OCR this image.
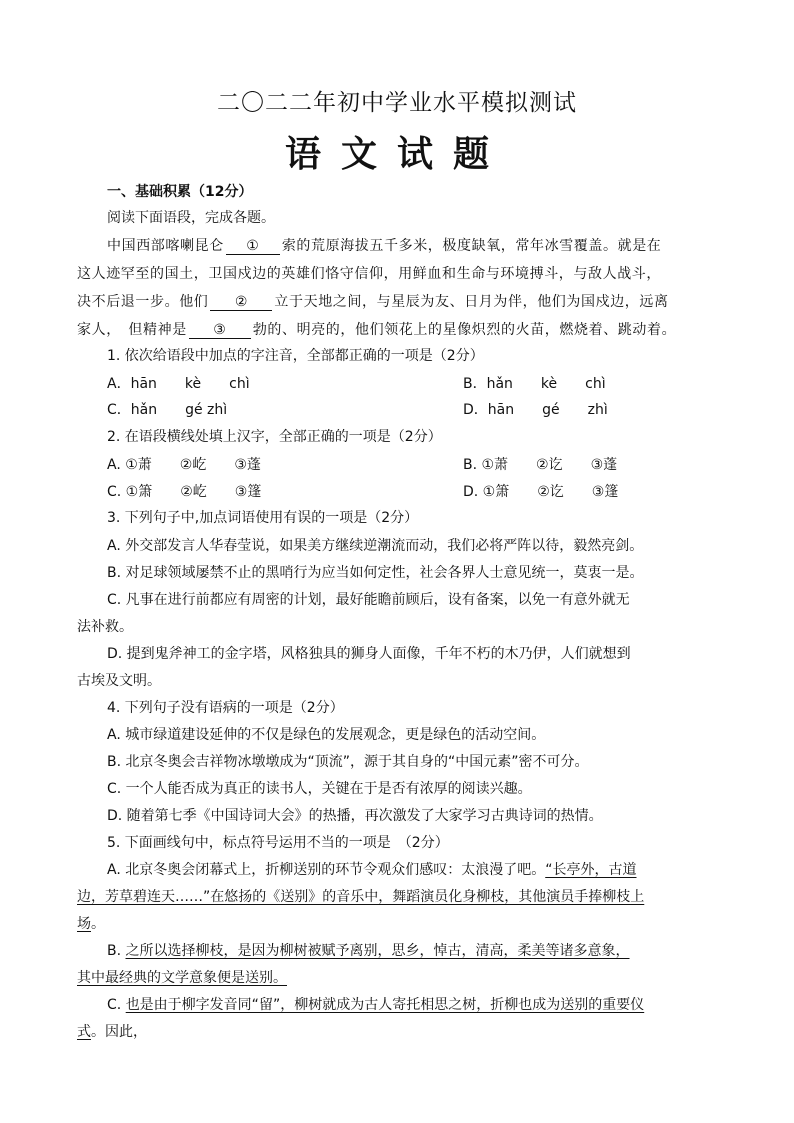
二〇二二年初中学业水平模拟测试
语文试题
一、基础积累（12分）
阅读下面语段，完成各题。
中国西部喀喇昆仑 ① 索的荒原海拔五千多米，极度缺氧，常年冰雪覆盖。就是在
这人迹罕至的国土，卫国戍边的英雄们恪守信仰，用鲜血和生命与环境搏斗，与敌人战斗，
决不后退一步。他们 ② 立于天地之间，与星辰为友、日月为伴，他们为国戍边，远离
家人，　但精神是 ③ 勃的、明亮的，他们领花上的星像炽烈的火苗，燃烧着、跳动着。
1. 依次给语段中加点的字注音，全部都正确的一项是（2分）
A．hān　　kè　　chì	B．hǎn　　kè　　chì
C．hǎn　　gé zhì	D．hān　　gé　　zhì
2. 在语段横线处填上汉字，全部正确的一项是（2分）
A. ①萧　　②屹　　③蓬	B. ①萧　　②讫　　③蓬
C. ①箫　　②屹　　③篷	D. ①箫　　②讫　　③篷
3. 下列句子中,加点词语使用有误的一项是（2分）
A. 外交部发言人华春莹说，如果美方继续逆潮流而动，我们必将严阵以待，毅然亮剑。
B. 对足球领域屡禁不止的黑哨行为应当如何定性，社会各界人士意见统一，莫衷一是。
C. 凡事在进行前都应有周密的计划，最好能瞻前顾后，设有备案，以免一有意外就无
法补救。
D. 提到鬼斧神工的金字塔，风格独具的狮身人面像，千年不朽的木乃伊，人们就想到
古埃及文明。
4. 下列句子没有语病的一项是（2分）
A. 城市绿道建设延伸的不仅是绿色的发展观念，更是绿色的活动空间。
B. 北京冬奥会吉祥物冰墩墩成为“顶流”，源于其自身的“中国元素”密不可分。
C. 一个人能否成为真正的读书人，关键在于是否有浓厚的阅读兴趣。
D. 随着第七季《中国诗词大会》的热播，再次激发了大家学习古典诗词的热情。
5. 下面画线句中，标点符号运用不当的一项是　（2分）
A. 北京冬奥会闭幕式上，折柳送别的环节令观众们感叹：太浪漫了吧。“长亭外，古道
边，芳草碧连天……”在悠扬的《送别》的音乐中，舞蹈演员化身柳枝，其他演员手捧柳枝上
场。
B. 之所以选择柳枝，是因为柳树被赋予离别，思乡，悼古，清高，柔美等诸多意象，
其中最经典的文学意象便是送别。
C. 也是由于柳字发音同“留”，柳树就成为古人寄托相思之树，折柳也成为送别的重要仪
式。因此，
